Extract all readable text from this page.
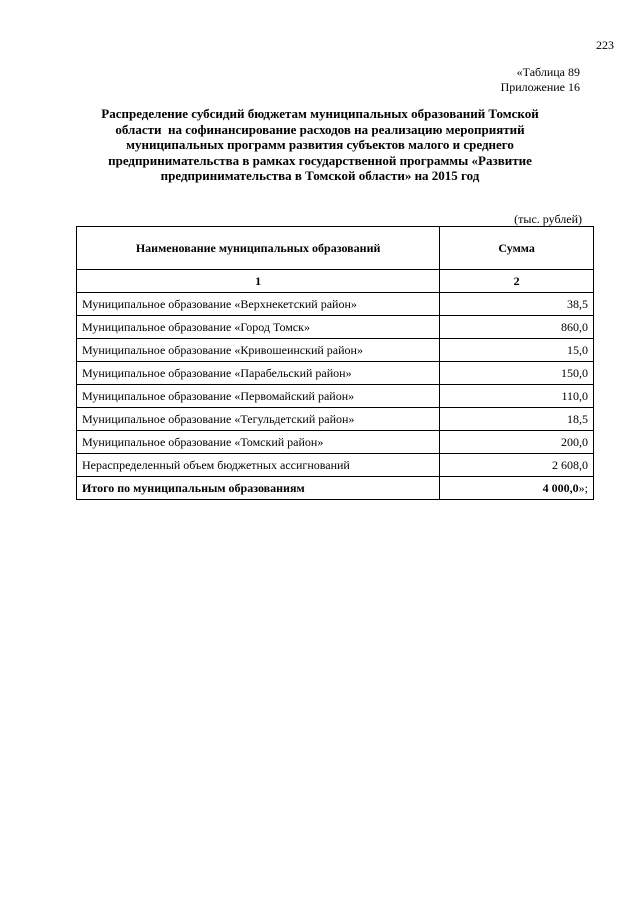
223
«Таблица 89
Приложение 16
Распределение субсидий бюджетам муниципальных образований Томской
области  на софинансирование расходов на реализацию мероприятий
муниципальных программ развития субъектов малого и среднего
предпринимательства в рамках государственной программы «Развитие
предпринимательства в Томской области» на 2015 год
(тыс. рублей)
Наименование муниципальных образований	Сумма
1	2
Муниципальное образование «Верхнекетский район»	38,5
Муниципальное образование «Город Томск»	860,0
Муниципальное образование «Кривошеинский район»	15,0
Муниципальное образование «Парабельский район»	150,0
Муниципальное образование «Первомайский район»	110,0
Муниципальное образование «Тегульдетский район»	18,5
Муниципальное образование «Томский район»	200,0
Нераспределенный объем бюджетных ассигнований	2 608,0
Итого по муниципальным образованиям	4 000,0»;
